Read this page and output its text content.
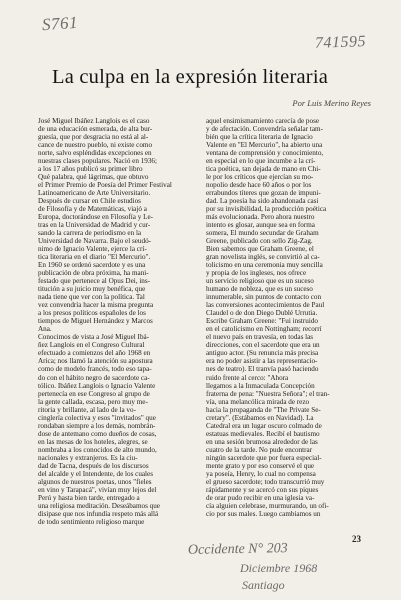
S761
741595
La culpa en la expresión literaria
Por Luis Merino Reyes
José Miguel Ibáñez Langlois es el caso
de una educación esmerada, de alta bur-
guesía, que por desgracia no está al al-
cance de nuestro pueblo, ni existe como
norte, salvo espléndidas excepciones en
nuestras clases populares. Nació en 1936;
a los 17 años publicó su primer libro
Qué palabra, qué lágrimas, que obtuvo
el Primer Premio de Poesía del Primer Festival
Latinoamericano de Arte Universitario.
Después de cursar en Chile estudios
de Filosofía y de Matemáticas, viajó a
Europa, doctorándose en Filosofía y Le-
tras en la Universidad de Madrid y cur-
sando la carrera de periodismo en la
Universidad de Navarra. Bajo el seudó-
nimo de Ignacio Valente, ejerce la crí-
tica literaria en el diario "El Mercurio".
En 1960 se ordenó sacerdote y es una
publicación de obra próxima, ha mani-
festado que pertenece al Opus Dei, ins-
titución a su juicio muy benéfica, que
nada tiene que ver con la política. Tal
vez convendría hacer la misma pregunta
a los presos políticos españoles de los
tiempos de Miguel Hernández y Marcos
Ana.
Conocimos de vista a José Miguel Ibá-
ñez Langlois en el Congreso Cultural
efectuado a comienzos del año 1968 en
Arica; nos llamó la atención su apostura
como de modelo francés, todo eso tapa-
do con el hábito negro de sacerdote ca-
tólico. Ibáñez Langlois o Ignacio Valente
pertenecía en ese Congreso al grupo de
la gente callada, escasa, pero muy me-
ritoria y brillante, al lado de la vo-
cinglería colectiva y esos "invitados" que
rondaban siempre a los demás, nombrán-
dose de antemano como dueños de cosas,
en las mesas de los hoteles, alegres, se
nombraba a los conocidos de alto mundo,
nacionales y extranjeros. Es la ciu-
dad de Tacna, después de los discursos
del alcalde y el Intendente, de los cuales
algunos de nuestros poetas, unos "fieles
en vino y Tarapacá", vivían muy lejos del
Perú y hasta bien tarde, entregado a
una religiosa meditación. Deseábamos que
disipase que nos infundía respeto más allá
de todo sentimiento religioso marque
aquel ensimismamiento carecía de pose
y de afectación. Convendría señalar tam-
bién que la crítica literaria de Ignacio
Valente en "El Mercurio", ha abierto una
ventana de comprensión y conocimiento,
en especial en lo que incumbe a la crí-
tica poética, tan dejada de mano en Chi-
le por los críticos que ejercían su mo-
nopolio desde hace 60 años o por los
errabundos títeres que gozan de impuni-
dad. La poesía ha sido abandonada casi
por su invisibilidad, la producción poética
más evolucionada. Pero ahora nuestro
intento es glosar, aunque sea en forma
somera, El mundo secundar de Graham
Greene, publicado con sello Zig-Zag.
Bien sabemos que Graham Greene, el
gran novelista inglés, se convirtió al ca-
tolicismo en una ceremonia muy sencilla
y propia de los ingleses, nos ofrece
un servicio religioso que es un suceso
humano de nobleza, que es un suceso
innumerable, sin puntos de contacto con
las conversiones acontecimientos de Paul
Claudel o de don Diego Dublé Urrutia.
Escribe Graham Greene: "Fui instruido
en el catolicismo en Nottingham; recorrí
el nuevo país en travesía, en todas las
direcciones, con el sacerdote que era un
antiguo actor. (Su renuncia más precisa
era no poder asistir a las representacio-
nes de teatro). El tranvía pasó haciendo
ruido frente al cerco: "Ahora
llegamos a la Inmaculada Concepción
fraterna de pena: "Nuestra Señora"; el tran-
vía, una melancólica mirada de rezo
hacia la propaganda de "The Private Se-
cretary". (Estábamos en Navidad). La
Catedral era un lugar oscuro colmado de
estatuas medievales. Recibí el bautismo
en una sesión brumosa alrededor de las
cuatro de la tarde. No pude encontrar
ningún sacerdote que por fuera especial-
mente grato y por eso conservé el que
ya poseía, Henry, lo cual no compensa
el grueso sacerdote; todo transcurrió muy
rápidamente y se acercó con sus piques
de orar pudo recibir en una iglesia va-
cía alguien celebrase, murmurando, un ofi-
cio por sus males. Luego cambiamos un
23
Occidente N° 203
Diciembre 1968
Santiago
